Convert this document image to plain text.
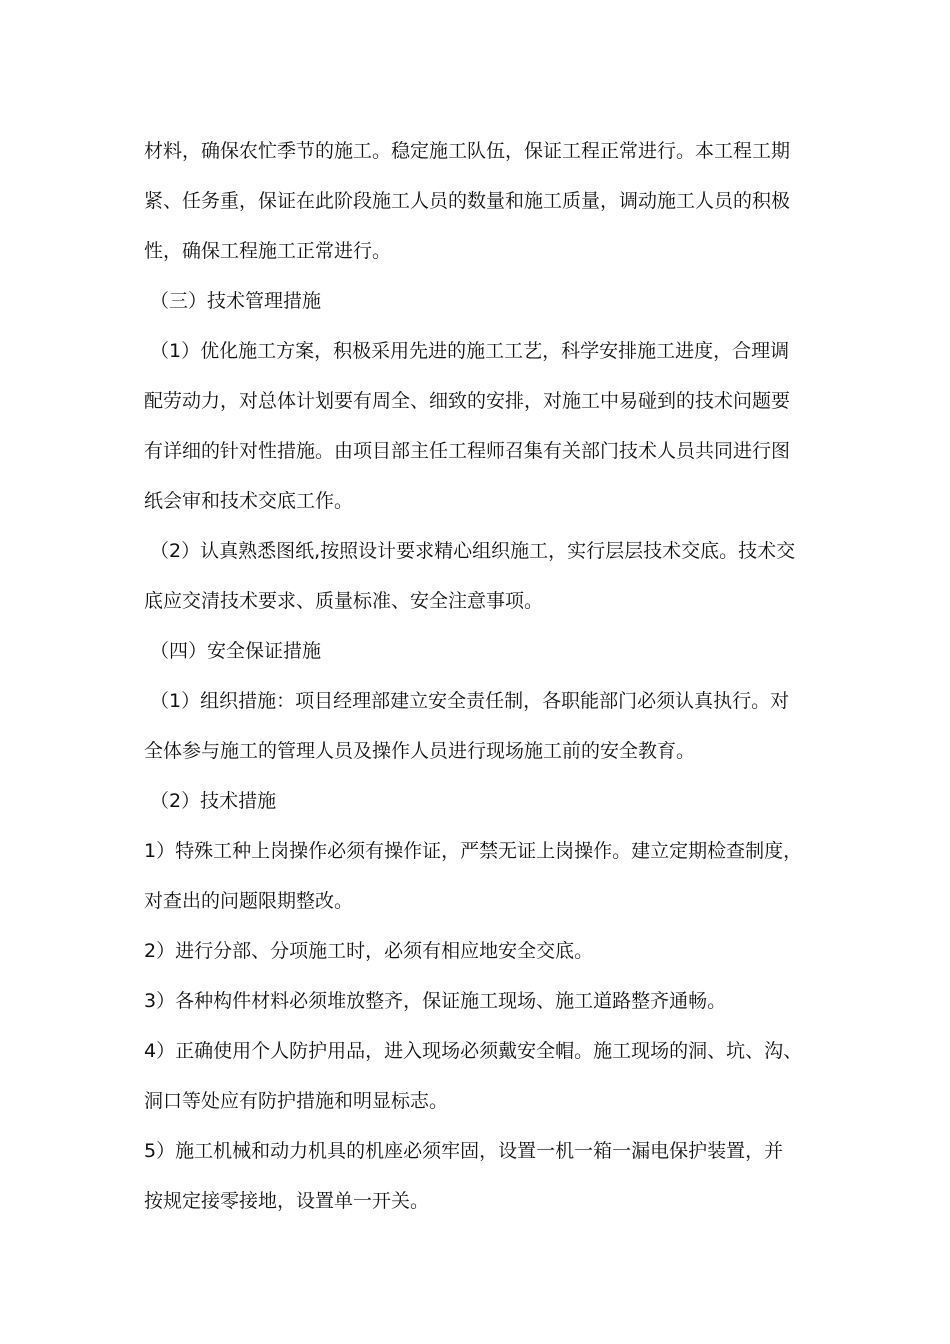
材料，确保农忙季节的施工。稳定施工队伍，保证工程正常进行。本工程工期
紧、任务重，保证在此阶段施工人员的数量和施工质量，调动施工人员的积极
性，确保工程施工正常进行。
（三）技术管理措施
（1）优化施工方案，积极采用先进的施工工艺，科学安排施工进度，合理调
配劳动力，对总体计划要有周全、细致的安排，对施工中易碰到的技术问题要
有详细的针对性措施。由项目部主任工程师召集有关部门技术人员共同进行图
纸会审和技术交底工作。
（2）认真熟悉图纸,按照设计要求精心组织施工，实行层层技术交底。技术交
底应交清技术要求、质量标准、安全注意事项。
（四）安全保证措施
（1）组织措施：项目经理部建立安全责任制，各职能部门必须认真执行。对
全体参与施工的管理人员及操作人员进行现场施工前的安全教育。
（2）技术措施
1）特殊工种上岗操作必须有操作证，严禁无证上岗操作。建立定期检查制度，
对查出的问题限期整改。
2）进行分部、分项施工时，必须有相应地安全交底。
3）各种构件材料必须堆放整齐，保证施工现场、施工道路整齐通畅。
4）正确使用个人防护用品，进入现场必须戴安全帽。施工现场的洞、坑、沟、
洞口等处应有防护措施和明显标志。
5）施工机械和动力机具的机座必须牢固，设置一机一箱一漏电保护装置，并
按规定接零接地，设置单一开关。
